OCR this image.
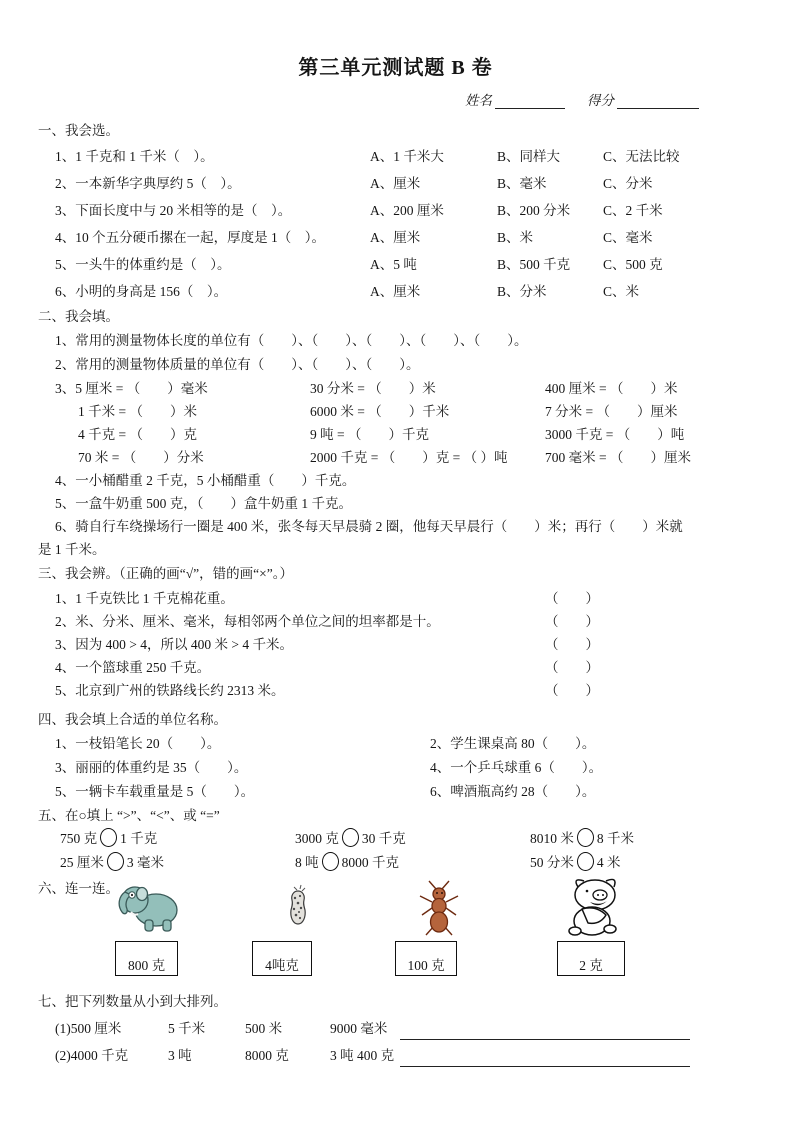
第三单元测试题 B 卷
姓名	得分
一、我会选。
1、1 千克和 1 千米（　）。	A、1 千米大	B、同样大	C、无法比较
2、一本新华字典厚约 5（　）。	A、厘米	B、毫米	C、分米
3、下面长度中与 20 米相等的是（　）。	A、200 厘米	B、200 分米	C、2 千米
4、10 个五分硬币摞在一起，厚度是 1（　）。	A、厘米	B、米	C、毫米
5、一头牛的体重约是（　）。	A、5 吨	B、500 千克	C、500 克
6、小明的身高是 156（　）。	A、厘米	B、分米	C、米
二、我会填。
1、常用的测量物体长度的单位有（　　）、（　　）、（　　）、（　　）、（　　）。
2、常用的测量物体质量的单位有（　　）、（　　）、（　　）。
3、5 厘米 = （　　）毫米	30 分米 = （　　）米	400 厘米 = （　　）米
1 千米 = （　　）米	6000 米 = （　　）千米	7 分米 = （　　）厘米
4 千克 = （　　）克	9 吨 = （　　）千克	3000 千克 = （　　）吨
70 米 = （　　）分米	2000 千克 = （　　）克 = （ ）吨	700 毫米 = （　　）厘米
4、一小桶醋重 2 千克，5 小桶醋重（　　）千克。
5、一盒牛奶重 500 克，（　　）盒牛奶重 1 千克。
6、骑自行车绕操场行一圈是 400 米，张冬每天早晨骑 2 圈，他每天早晨行（　　）米；再行（　　）米就
是 1 千米。
三、我会辨。（正确的画“√”，错的画“×”。）
1、1 千克铁比 1 千克棉花重。	（　　）
2、米、分米、厘米、毫米，每相邻两个单位之间的坦率都是十。	（　　）
3、因为 400 > 4，所以 400 米 > 4 千米。	（　　）
4、一个篮球重 250 千克。	（　　）
5、北京到广州的铁路线长约 2313 米。	（　　）
四、我会填上合适的单位名称。
1、一枝铅笔长 20（　　）。	2、学生课桌高 80（　　）。
3、丽丽的体重约是 35（　　）。	4、一个乒乓球重 6（　　）。
5、一辆卡车载重量是 5（　　）。	6、啤酒瓶高约 28（　　）。
五、在○填上 “>”、“<”、或 “=”
750 克 1 千克	3000 克 30 千克	8010 米 8 千米
25 厘米 3 毫米	8 吨 8000 千克	50 分米 4 米
六、连一连。
800 克	4吨克	100 克	2 克
七、把下列数量从小到大排列。
(1)500 厘米	5 千米	500 米	9000 毫米
(2)4000 千克	3 吨	8000 克	3 吨 400 克
